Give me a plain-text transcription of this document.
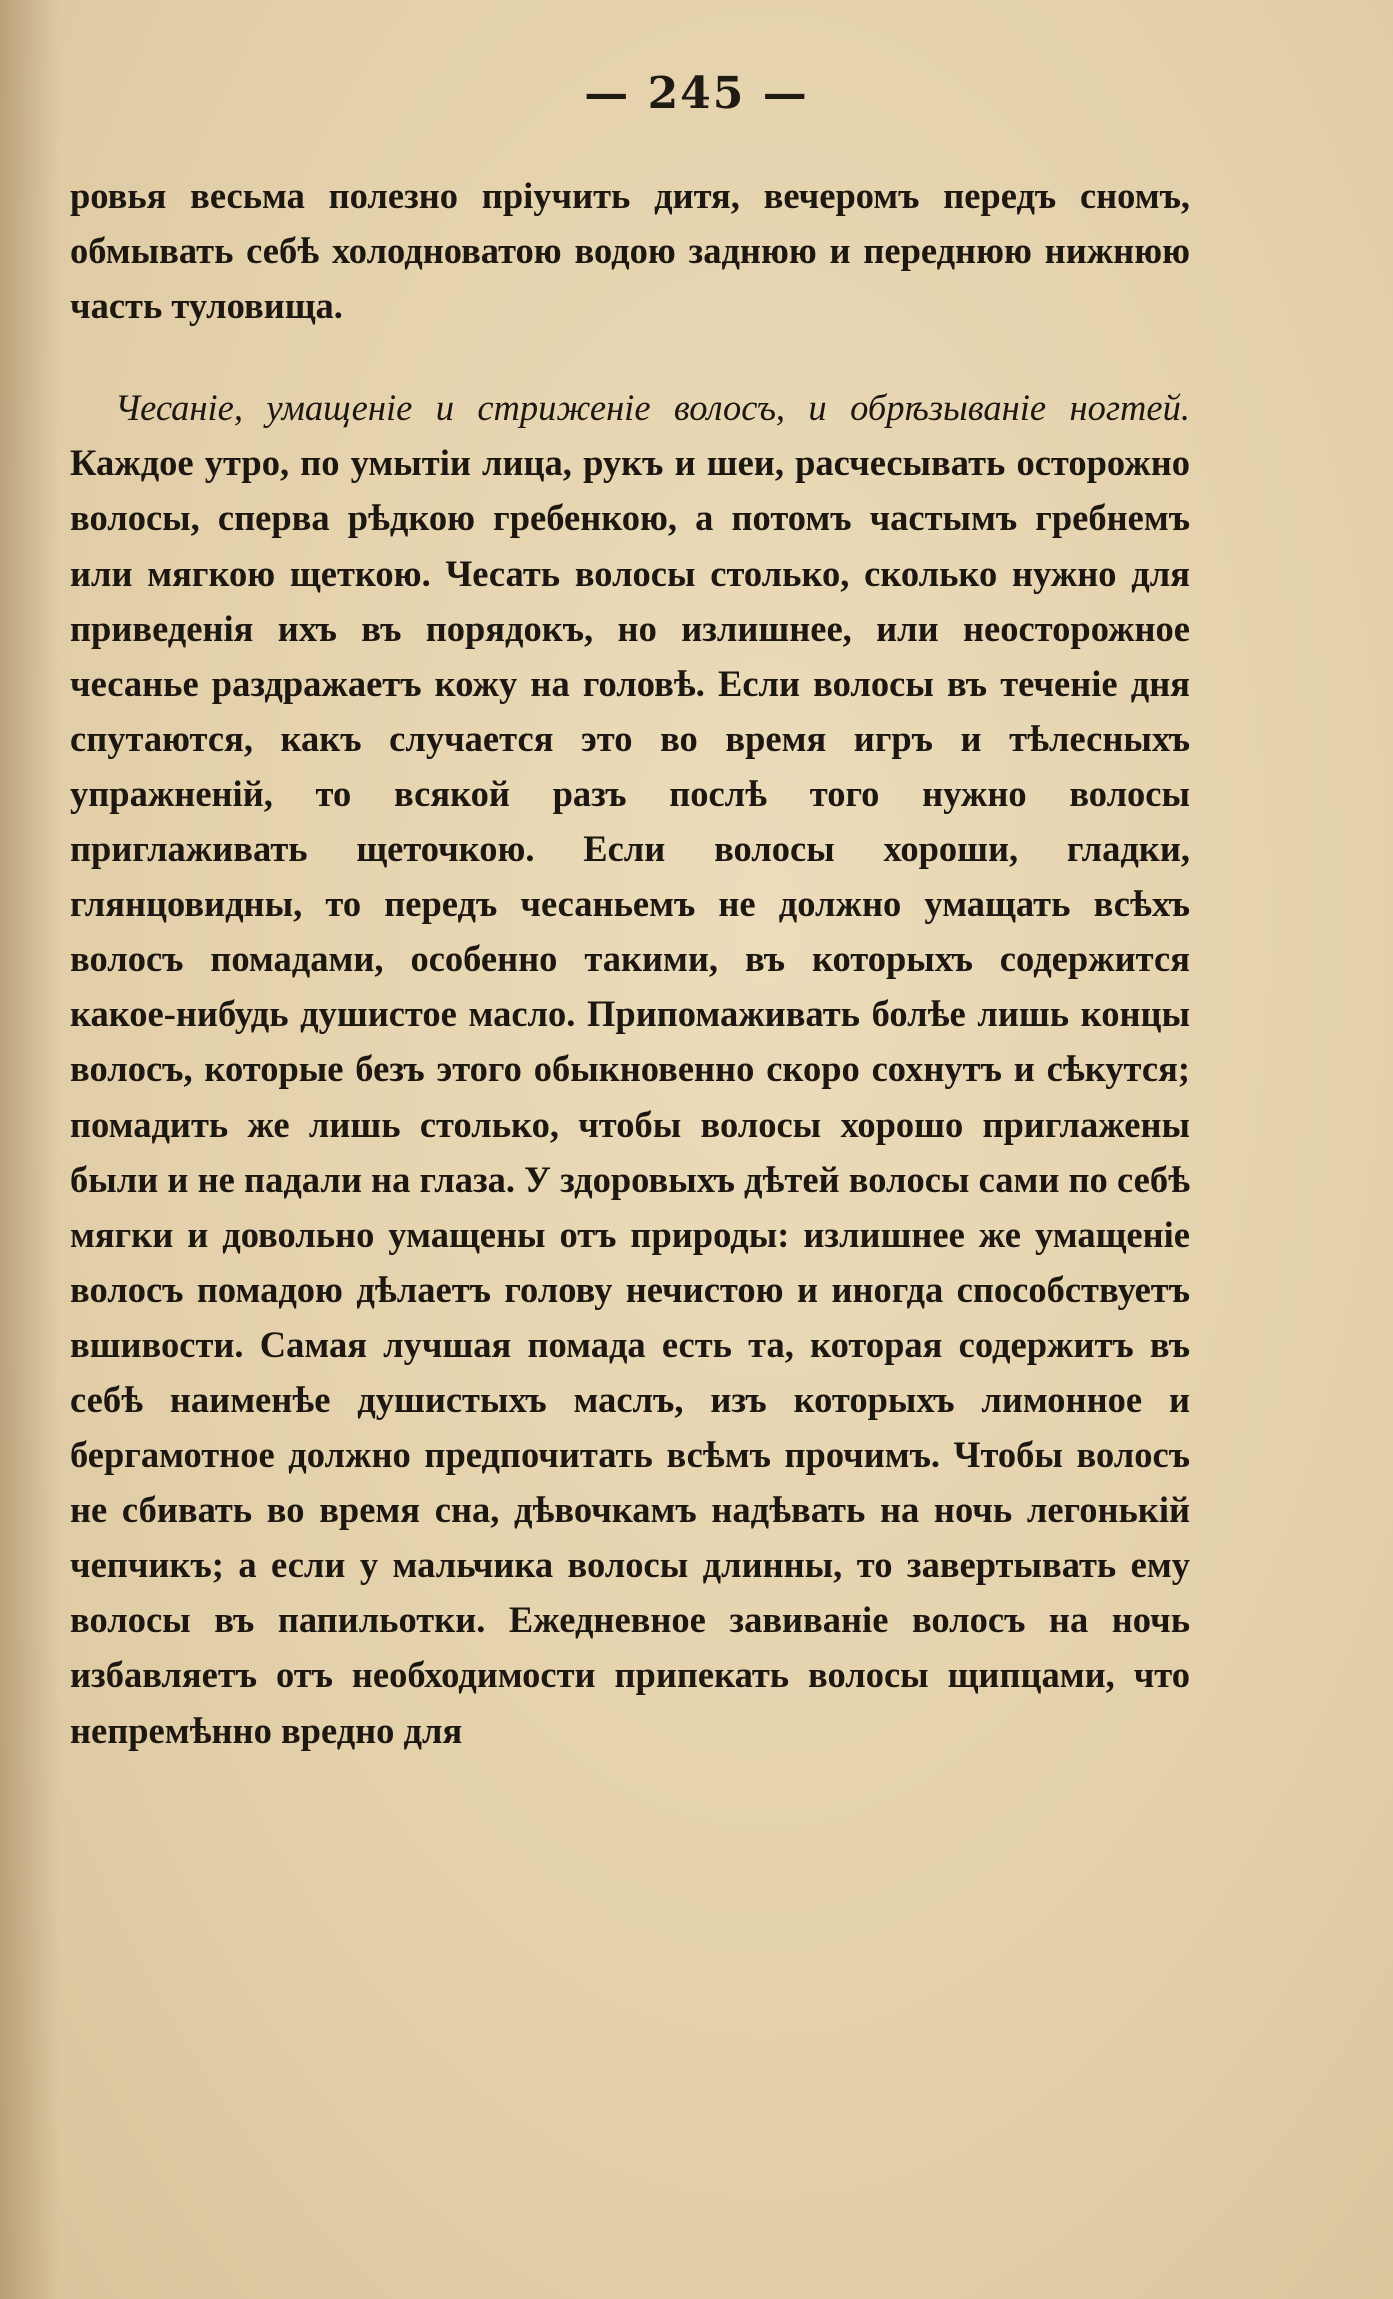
— 245 —

ровья весьма полезно пріучить дитя, вечеромъ передъ сномъ, обмывать себѣ холодноватою водою заднюю и переднюю нижнюю часть туловища.

Чесаніе, умащеніе и стриженіе волосъ, и обрѣзываніе ногтей. Каждое утро, по умытіи лица, рукъ и шеи, расчесывать осторожно волосы, сперва рѣдкою гребенкою, а потомъ частымъ гребнемъ или мягкою щеткою. Чесать волосы столько, сколько нужно для приведенія ихъ въ порядокъ, но излишнее, или неосторожное чесанье раздражаетъ кожу на головѣ. Если волосы въ теченіе дня спутаются, какъ случается это во время игръ и тѣлесныхъ упражненій, то всякой разъ послѣ того нужно волосы приглаживать щеточкою. Если волосы хороши, гладки, глянцовидны, то передъ чесаньемъ не должно умащать всѣхъ волосъ помадами, особенно такими, въ которыхъ содержится какое-нибудь душистое масло. Припомаживать болѣе лишь концы волосъ, которые безъ этого обыкновенно скоро сохнутъ и сѣкутся; помадить же лишь столько, чтобы волосы хорошо приглажены были и не падали на глаза. У здоровыхъ дѣтей волосы сами по себѣ мягки и довольно умащены отъ природы: излишнее же умащеніе волосъ помадою дѣлаетъ голову нечистою и иногда способствуетъ вшивости. Самая лучшая помада есть та, которая содержитъ въ себѣ наименѣе душистыхъ маслъ, изъ которыхъ лимонное и бергамотное должно предпочитать всѣмъ прочимъ. Чтобы волосъ не сбивать во время сна, дѣвочкамъ надѣвать на ночь легонькій чепчикъ; а если у мальчика волосы длинны, то завертывать ему волосы въ папильотки. Ежедневное завиваніе волосъ на ночь избавляетъ отъ необходимости припекать волосы щипцами, что непремѣнно вредно для
